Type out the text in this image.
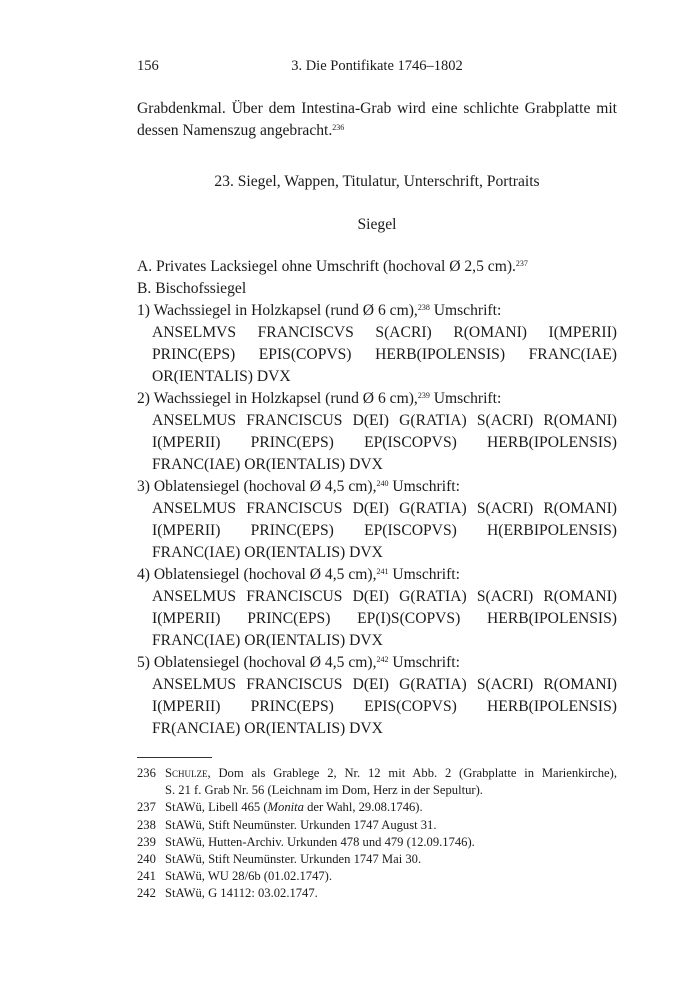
156	3. Die Pontifikate 1746–1802
Grabdenkmal. Über dem Intestina-Grab wird eine schlichte Grabplatte mit
dessen Namenszug angebracht.$^{236}$
23. Siegel, Wappen, Titulatur, Unterschrift, Portraits
Siegel
A. Privates Lacksiegel ohne Umschrift (hochoval Ø 2,5 cm).$^{237}$
B. Bischofssiegel
1) Wachssiegel in Holzkapsel (rund Ø 6 cm),$^{238}$ Umschrift:
ANSELMVS FRANCISCVS S(ACRI) R(OMANI) I(MPERII)
PRINC(EPS) EPIS(COPVS) HERB(IPOLENSIS) FRANC(IAE)
OR(IENTALIS) DVX
2) Wachssiegel in Holzkapsel (rund Ø 6 cm),$^{239}$ Umschrift:
ANSELMUS FRANCISCUS D(EI) G(RATIA) S(ACRI) R(OMANI)
I(MPERII) PRINC(EPS) EP(ISCOPVS) HERB(IPOLENSIS)
FRANC(IAE) OR(IENTALIS) DVX
3) Oblatensiegel (hochoval Ø 4,5 cm),$^{240}$ Umschrift:
ANSELMUS FRANCISCUS D(EI) G(RATIA) S(ACRI) R(OMANI)
I(MPERII) PRINC(EPS) EP(ISCOPVS) H(ERBIPOLENSIS)
FRANC(IAE) OR(IENTALIS) DVX
4) Oblatensiegel (hochoval Ø 4,5 cm),$^{241}$ Umschrift:
ANSELMUS FRANCISCUS D(EI) G(RATIA) S(ACRI) R(OMANI)
I(MPERII) PRINC(EPS) EP(I)S(COPVS) HERB(IPOLENSIS)
FRANC(IAE) OR(IENTALIS) DVX
5) Oblatensiegel (hochoval Ø 4,5 cm),$^{242}$ Umschrift:
ANSELMUS FRANCISCUS D(EI) G(RATIA) S(ACRI) R(OMANI)
I(MPERII) PRINC(EPS) EPIS(COPVS) HERB(IPOLENSIS)
FR(ANCIAE) OR(IENTALIS) DVX
236 Schulze, Dom als Grablege 2, Nr. 12 mit Abb. 2 (Grabplatte in Marienkirche),
S. 21 f. Grab Nr. 56 (Leichnam im Dom, Herz in der Sepultur).
237 StAWü, Libell 465 (Monita der Wahl, 29.08.1746).
238 StAWü, Stift Neumünster. Urkunden 1747 August 31.
239 StAWü, Hutten-Archiv. Urkunden 478 und 479 (12.09.1746).
240 StAWü, Stift Neumünster. Urkunden 1747 Mai 30.
241 StAWü, WU 28/6b (01.02.1747).
242 StAWü, G 14112: 03.02.1747.
